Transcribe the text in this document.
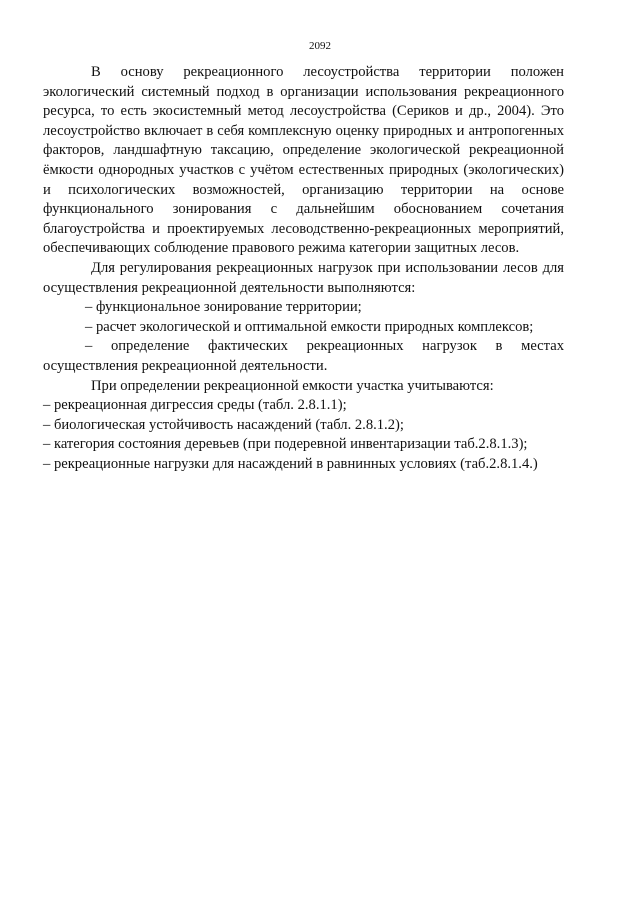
2092

В основу рекреационного лесоустройства территории положен экологический системный подход в организации использования рекреационного ресурса, то есть экосистемный метод лесоустройства (Сериков и др., 2004). Это лесоустройство включает в себя комплексную оценку природных и антропогенных факторов, ландшафтную таксацию, определение экологической рекреационной ёмкости однородных участков с учётом естественных природных (экологических) и психологических возможностей, организацию территории на основе функционального зонирования с дальнейшим обоснованием сочетания благоустройства и проектируемых лесоводственно-рекреационных мероприятий, обеспечивающих соблюдение правового режима категории защитных лесов.

Для регулирования рекреационных нагрузок при использовании лесов для осуществления рекреационной деятельности выполняются:

– функциональное зонирование территории;

– расчет экологической и оптимальной емкости природных комплексов;

– определение фактических рекреационных нагрузок в местах осуществления рекреационной деятельности.

При определении рекреационной емкости участка учитываются:

– рекреационная дигрессия среды (табл. 2.8.1.1);

– биологическая устойчивость насаждений (табл. 2.8.1.2);

– категория состояния деревьев (при подеревной инвентаризации таб.2.8.1.3);

– рекреационные нагрузки для насаждений в равнинных условиях (таб.2.8.1.4.)
